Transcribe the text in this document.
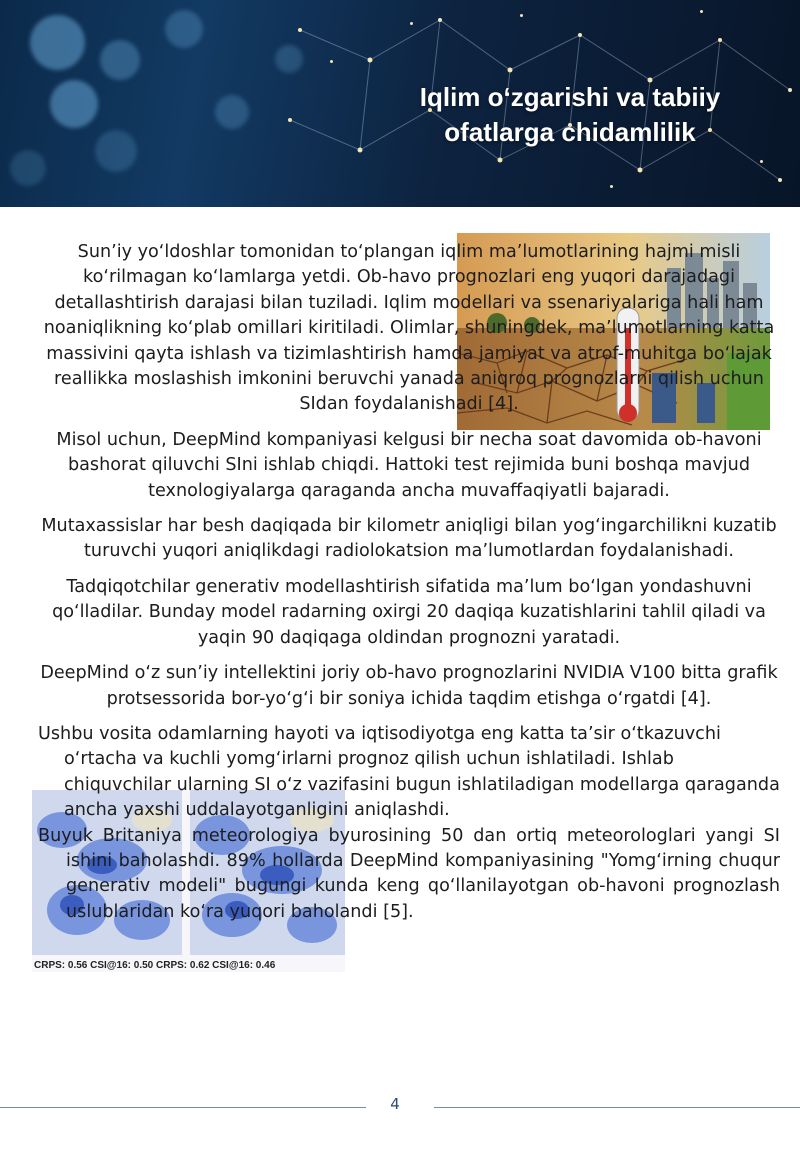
Iqlim o‘zgarishi va tabiiy ofatlarga chidamlilik
CRPS: 0.56 CSI@16: 0.50 CRPS: 0.62 CSI@16: 0.46

Sun’iy yo‘ldoshlar tomonidan to‘plangan iqlim ma’lumotlarining hajmi misli ko‘rilmagan ko‘lamlarga yetdi. Ob-havo prognozlari eng yuqori darajadagi detallashtirish darajasi bilan tuziladi. Iqlim modellari va ssenariyalariga hali ham noaniqlikning ko‘plab omillari kiritiladi. Olimlar, shuningdek, ma’lumotlarning katta massivini qayta ishlash va tizimlashtirish hamda jamiyat va atrof-muhitga bo‘lajak reallikka moslashish imkonini beruvchi yanada aniqroq prognozlarni qilish uchun SIdan foydalanishadi [4].

Misol uchun, DeepMind kompaniyasi kelgusi bir necha soat davomida ob-havoni bashorat qiluvchi SIni ishlab chiqdi. Hattoki test rejimida buni boshqa mavjud texnologiyalarga qaraganda ancha muvaffaqiyatli bajaradi.

Mutaxassislar har besh daqiqada bir kilometr aniqligi bilan yog‘ingarchilikni kuzatib turuvchi yuqori aniqlikdagi radiolokatsion ma’lumotlardan foydalanishadi.

Tadqiqotchilar generativ modellashtirish sifatida ma’lum bo‘lgan yondashuvni qo‘lladilar. Bunday model radarning oxirgi 20 daqiqa kuzatishlarini tahlil qiladi va yaqin 90 daqiqaga oldindan prognozni yaratadi.

DeepMind o‘z sun’iy intellektini joriy ob-havo prognozlarini NVIDIA V100 bitta grafik protsessorida bor-yo‘g‘i bir soniya ichida taqdim etishga o‘rgatdi [4].

Ushbu vosita odamlarning hayoti va iqtisodiyotga eng katta ta’sir o‘tkazuvchi o‘rtacha va kuchli yomg‘irlarni prognoz qilish uchun ishlatiladi. Ishlab chiquvchilar ularning SI o‘z vazifasini bugun ishlatiladigan modellarga qaraganda ancha yaxshi uddalayotganligini aniqlashdi.

Buyuk Britaniya meteorologiya byurosining 50 dan ortiq meteorologlari yangi SI ishini baholashdi. 89% hollarda DeepMind kompaniyasining "Yomg‘irning chuqur generativ modeli" bugungi kunda keng qo‘llanilayotgan ob-havoni prognozlash uslublaridan ko‘ra yuqori baholandi [5].

4
